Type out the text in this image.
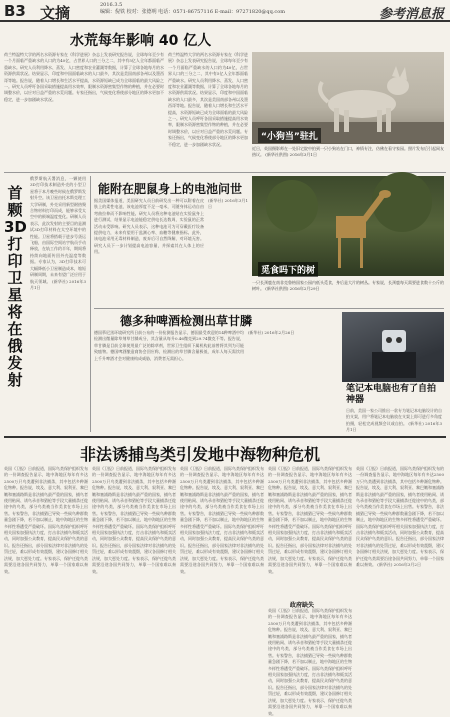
B3 文摘	2016.3.5
编辑：倪铁 校对：张德明 电话：0571-86757116 E-mail：97271820@qq.com	参考消息报
水荒每年影响 40 亿人
荷兰特温特大学的两名水资源专家在《科学进展》杂志上发表研究报告说，全球每年至少有一个月面临严重缺水的人口约为40亿，占世界人口的三分之二，其中有5亿人全年都面临严重缺水。研究人员利用降水、蒸发、人口密度和农业灌溉等数据，计算了全球各地每月的水资源供需状况。结果显示，印度和中国面临缺水的人口最多，其次是美国南部各州以及墨西哥等地。报告说，随着人口增长和生活水平提高，水资源短缺已成为全球面临的最大风险之一。研究人员呼吁各国采取措施提高用水效率，限制水资源密集型作物的种植，并在必要时调整水价，以应对日益严重的水荒问题。专家还指出，气候变化将使部分地区的降水更加不稳定，进一步加剧缺水状况。
荷兰特温特大学的两名水资源专家在《科学进展》杂志上发表研究报告说，全球每年至少有一个月面临严重缺水的人口约为40亿，占世界人口的三分之二，其中有5亿人全年都面临严重缺水。研究人员利用降水、蒸发、人口密度和农业灌溉等数据，计算了全球各地每月的水资源供需状况。结果显示，印度和中国面临缺水的人口最多，其次是美国南部各州以及墨西哥等地。报告说，随着人口增长和生活水平提高，水资源短缺已成为全球面临的最大风险之一。研究人员呼吁各国采取措施提高用水效率，限制水资源密集型作物的种植，并在必要时调整水价，以应对日益严重的水荒问题。专家还指出，气候变化将使部分地区的降水更加不稳定，进一步加剧缺水状况。
“小狗当”驻扎
近日，英国摄影师在一处旧宅院中拍到一只小狗站在门口，神情专注，仿佛在看守家园。照片发布后引起网友热议。 (新华社供图) 2016年3月1日
首颗3D打印卫星将在俄发射
俄罗斯航天署消息，一颗使用3D打印技术制造外壳的小型卫星将于本月晚些时候在俄罗斯发射升空。该卫星由托木斯克理工大学研制，外壳采用新型耐热聚合物材料打印而成，能够承受太空中的极端温度变化。研制人员表示，此次发射的主要目的是测试3D打印材料在太空环境中的性能。卫星将搭载于进步号货运飞船，由国际空间站宇航员手动释放，在轨工作约半年，期间将持续向地面传回外壳温度等数据。专家认为，3D打印技术可大幅降低小卫星制造成本，缩短研制周期，未来有望广泛应用于航天领域。 (新华社) 2016年3月1日
能附在肥鼠身上的电池问世
据美国媒体报道，美国研究人员日前研发出一种可以附着在皮肤上的柔性电池，该电池厚度不足一毫米，可随身体运动自由弯曲拉伸而不影响性能。研究人员将这种电池贴在实验鼠身上进行测试，结果显示电池能稳定供电长达数周，实验鼠的正常活动未受影响。研究人员表示，这种电池可为可穿戴医疗设备提供电力，未来有望用于监测心率、血糖等健康指标。此外，该电池采用无毒材料制造，废弃后可自然降解，对环境无害。研究人员下一步计划提高电池容量，并探索其在人体上的应用。
(新华社) 2016年3月1日
觅食吗下的树
一只长颈鹿在南非克鲁格国家公园内低头觅食，身后是大片的树丛。专家说，长颈鹿每天需要进食数十公斤的树叶。 (新华社供图) 2016年2月29日
德多种啤酒检测出草甘膦
德国慕尼黑环境研究所日前公布的一份检测报告显示，德国最受欢迎的14种啤酒中均检测出微量除草剂草甘膦成分，其含量从每升0.46微克到29.74微克不等。报告说，草甘膦是目前全球使用最广泛的除草剂，世界卫生组织下属机构此前曾将其列为可能致癌物。德国啤酒酿造商协会回应称，检测出的草甘膦含量极低，成年人每天需饮用上千升啤酒才会对健康构成威胁，消费者无需担心。
(新华社) 2016年2月26日
笔记本电脑也有了自拍神器
日前，美国一家公司推出一款专为笔记本电脑设计的自拍支架，用户将笔记本电脑放在支架上即可进行多角度拍摄，轻松完成视频会议或自拍。 (新华社) 2016年3月1日
非法诱捕鸟类引发地中海物种危机
英国《卫报》日前报道，国际鸟类保护组织发布的一份调查报告显示，地中海地区每年有多达2500万只鸟类遭到非法捕杀，其中包括多种濒危物种。报告说，埃及、意大利、叙利亚、黎巴嫩和塞浦路斯是非法捕鸟最严重的国家，捕鸟者使用粘网、诱鸟录音和猎枪等手段大量捕杀迁徙途中的鸟类，部分鸟类被当作美食在市场上出售。专家警告，非法捕猎已导致一些候鸟种群数量急剧下降，若不加以制止，地中海地区的生物多样性将遭受严重破坏。国际鸟类保护组织呼吁相关国家加强执法力度，打击非法捕鸟和贩卖活动，同时加强公众教育，提高民众保护鸟类的意识。报告还指出，部分国家法律对非法捕鸟的处罚过轻，难以形成有效震慑，建议各国修订相关法规，加大惩处力度。专家表示，保护迁徙鸟类需要沿途各国共同努力，单靠一个国家难以奏效。
英国《卫报》日前报道，国际鸟类保护组织发布的一份调查报告显示，地中海地区每年有多达2500万只鸟类遭到非法捕杀，其中包括多种濒危物种。报告说，埃及、意大利、叙利亚、黎巴嫩和塞浦路斯是非法捕鸟最严重的国家，捕鸟者使用粘网、诱鸟录音和猎枪等手段大量捕杀迁徙途中的鸟类，部分鸟类被当作美食在市场上出售。专家警告，非法捕猎已导致一些候鸟种群数量急剧下降，若不加以制止，地中海地区的生物多样性将遭受严重破坏。国际鸟类保护组织呼吁相关国家加强执法力度，打击非法捕鸟和贩卖活动，同时加强公众教育，提高民众保护鸟类的意识。报告还指出，部分国家法律对非法捕鸟的处罚过轻，难以形成有效震慑，建议各国修订相关法规，加大惩处力度。专家表示，保护迁徙鸟类需要沿途各国共同努力，单靠一个国家难以奏效。
英国《卫报》日前报道，国际鸟类保护组织发布的一份调查报告显示，地中海地区每年有多达2500万只鸟类遭到非法捕杀，其中包括多种濒危物种。报告说，埃及、意大利、叙利亚、黎巴嫩和塞浦路斯是非法捕鸟最严重的国家，捕鸟者使用粘网、诱鸟录音和猎枪等手段大量捕杀迁徙途中的鸟类，部分鸟类被当作美食在市场上出售。专家警告，非法捕猎已导致一些候鸟种群数量急剧下降，若不加以制止，地中海地区的生物多样性将遭受严重破坏。国际鸟类保护组织呼吁相关国家加强执法力度，打击非法捕鸟和贩卖活动，同时加强公众教育，提高民众保护鸟类的意识。报告还指出，部分国家法律对非法捕鸟的处罚过轻，难以形成有效震慑，建议各国修订相关法规，加大惩处力度。专家表示，保护迁徙鸟类需要沿途各国共同努力，单靠一个国家难以奏效。
英国《卫报》日前报道，国际鸟类保护组织发布的一份调查报告显示，地中海地区每年有多达2500万只鸟类遭到非法捕杀，其中包括多种濒危物种。报告说，埃及、意大利、叙利亚、黎巴嫩和塞浦路斯是非法捕鸟最严重的国家，捕鸟者使用粘网、诱鸟录音和猎枪等手段大量捕杀迁徙途中的鸟类，部分鸟类被当作美食在市场上出售。专家警告，非法捕猎已导致一些候鸟种群数量急剧下降，若不加以制止，地中海地区的生物多样性将遭受严重破坏。国际鸟类保护组织呼吁相关国家加强执法力度，打击非法捕鸟和贩卖活动，同时加强公众教育，提高民众保护鸟类的意识。报告还指出，部分国家法律对非法捕鸟的处罚过轻，难以形成有效震慑，建议各国修订相关法规，加大惩处力度。专家表示，保护迁徙鸟类需要沿途各国共同努力，单靠一个国家难以奏效。
政府缺失
英国《卫报》日前报道，国际鸟类保护组织发布的一份调查报告显示，地中海地区每年有多达2500万只鸟类遭到非法捕杀，其中包括多种濒危物种。报告说，埃及、意大利、叙利亚、黎巴嫩和塞浦路斯是非法捕鸟最严重的国家，捕鸟者使用粘网、诱鸟录音和猎枪等手段大量捕杀迁徙途中的鸟类，部分鸟类被当作美食在市场上出售。专家警告，非法捕猎已导致一些候鸟种群数量急剧下降，若不加以制止，地中海地区的生物多样性将遭受严重破坏。国际鸟类保护组织呼吁相关国家加强执法力度，打击非法捕鸟和贩卖活动，同时加强公众教育，提高民众保护鸟类的意识。报告还指出，部分国家法律对非法捕鸟的处罚过轻，难以形成有效震慑，建议各国修订相关法规，加大惩处力度。专家表示，保护迁徙鸟类需要沿途各国共同努力，单靠一个国家难以奏效。
英国《卫报》日前报道，国际鸟类保护组织发布的一份调查报告显示，地中海地区每年有多达2500万只鸟类遭到非法捕杀，其中包括多种濒危物种。报告说，埃及、意大利、叙利亚、黎巴嫩和塞浦路斯是非法捕鸟最严重的国家，捕鸟者使用粘网、诱鸟录音和猎枪等手段大量捕杀迁徙途中的鸟类，部分鸟类被当作美食在市场上出售。专家警告，非法捕猎已导致一些候鸟种群数量急剧下降，若不加以制止，地中海地区的生物多样性将遭受严重破坏。国际鸟类保护组织呼吁相关国家加强执法力度，打击非法捕鸟和贩卖活动，同时加强公众教育，提高民众保护鸟类的意识。报告还指出，部分国家法律对非法捕鸟的处罚过轻，难以形成有效震慑，建议各国修订相关法规，加大惩处力度。专家表示，保护迁徙鸟类需要沿途各国共同努力，单靠一个国家难以奏效。 (新华社) 2016年3月2日
